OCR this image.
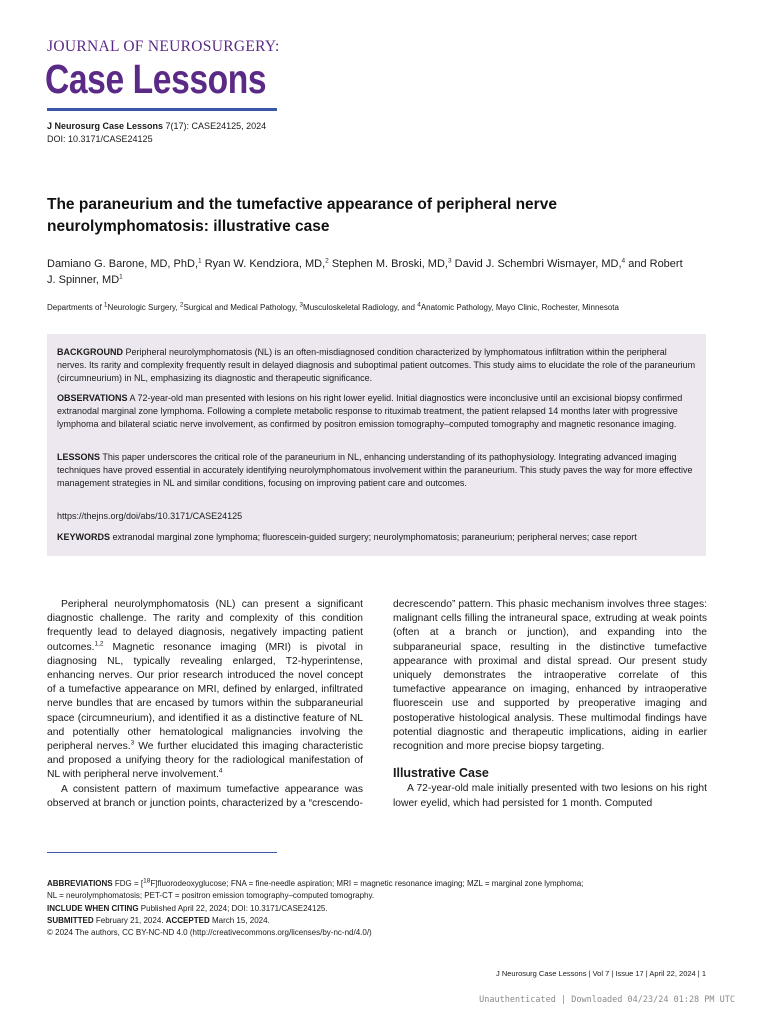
JOURNAL OF NEUROSURGERY:
Case Lessons
J Neurosurg Case Lessons 7(17): CASE24125, 2024
DOI: 10.3171/CASE24125
The paraneurium and the tumefactive appearance of peripheral nerve neurolymphomatosis: illustrative case
Damiano G. Barone, MD, PhD,$^1$ Ryan W. Kendziora, MD,$^2$ Stephen M. Broski, MD,$^3$ David J. Schembri Wismayer, MD,$^4$ and Robert J. Spinner, $MD^1$
Departments of $^1$Neurologic Surgery, $^2$Surgical and Medical Pathology, $^3$Musculoskeletal Radiology, and $^4$Anatomic Pathology, Mayo Clinic, Rochester, Minnesota
BACKGROUND Peripheral neurolymphomatosis (NL) is an often-misdiagnosed condition characterized by lymphomatous infiltration within the peripheral nerves. Its rarity and complexity frequently result in delayed diagnosis and suboptimal patient outcomes. This study aims to elucidate the role of the paraneurium (circumneurium) in NL, emphasizing its diagnostic and therapeutic significance.
OBSERVATIONS A 72-year-old man presented with lesions on his right lower eyelid. Initial diagnostics were inconclusive until an excisional biopsy confirmed extranodal marginal zone lymphoma. Following a complete metabolic response to rituximab treatment, the patient relapsed 14 months later with progressive lymphoma and bilateral sciatic nerve involvement, as confirmed by positron emission tomography–computed tomography and magnetic resonance imaging.
LESSONS This paper underscores the critical role of the paraneurium in NL, enhancing understanding of its pathophysiology. Integrating advanced imaging techniques have proved essential in accurately identifying neurolymphomatous involvement within the paraneurium. This study paves the way for more effective management strategies in NL and similar conditions, focusing on improving patient care and outcomes.
https://thejns.org/doi/abs/10.3171/CASE24125
KEYWORDS extranodal marginal zone lymphoma; fluorescein-guided surgery; neurolymphomatosis; paraneurium; peripheral nerves; case report

Peripheral neurolymphomatosis (NL) can present a significant diagnostic challenge. The rarity and complexity of this condition frequently lead to delayed diagnosis, negatively impacting patient outcomes.$^{1,2}$ Magnetic resonance imaging (MRI) is pivotal in diagnosing NL, typically revealing enlarged, T2-hyperintense, enhancing nerves. Our prior research introduced the novel concept of a tumefactive appearance on MRI, defined by enlarged, infiltrated nerve bundles that are encased by tumors within the subparaneurial space (circumneurium), and identified it as a distinctive feature of NL and potentially other hematological malignancies involving the peripheral nerves.$^3$ We further elucidated this imaging characteristic and proposed a unifying theory for the radiological manifestation of NL with peripheral nerve involvement.$^4$

A consistent pattern of maximum tumefactive appearance was observed at branch or junction points, characterized by a “crescendo-

decrescendo” pattern. This phasic mechanism involves three stages: malignant cells filling the intraneural space, extruding at weak points (often at a branch or junction), and expanding into the subparaneurial space, resulting in the distinctive tumefactive appearance with proximal and distal spread. Our present study uniquely demonstrates the intraoperative correlate of this tumefactive appearance on imaging, enhanced by intraoperative fluorescein use and supported by preoperative imaging and postoperative histological analysis. These multimodal findings have potential diagnostic and therapeutic implications, aiding in earlier recognition and more precise biopsy targeting.

Illustrative Case

A 72-year-old male initially presented with two lesions on his right lower eyelid, which had persisted for 1 month. Computed

ABBREVIATIONS FDG = [$^{18}$F]fluorodeoxyglucose; FNA = fine-needle aspiration; MRI = magnetic resonance imaging; MZL = marginal zone lymphoma;
NL = neurolymphomatosis; PET-CT = positron emission tomography–computed tomography.
INCLUDE WHEN CITING Published April 22, 2024; DOI: 10.3171/CASE24125.
SUBMITTED February 21, 2024. ACCEPTED March 15, 2024.
© 2024 The authors, CC BY-NC-ND 4.0 (http://creativecommons.org/licenses/by-nc-nd/4.0/)
J Neurosurg Case Lessons | Vol 7 | Issue 17 | April 22, 2024 | 1
Unauthenticated | Downloaded 04/23/24 01:28 PM UTC
